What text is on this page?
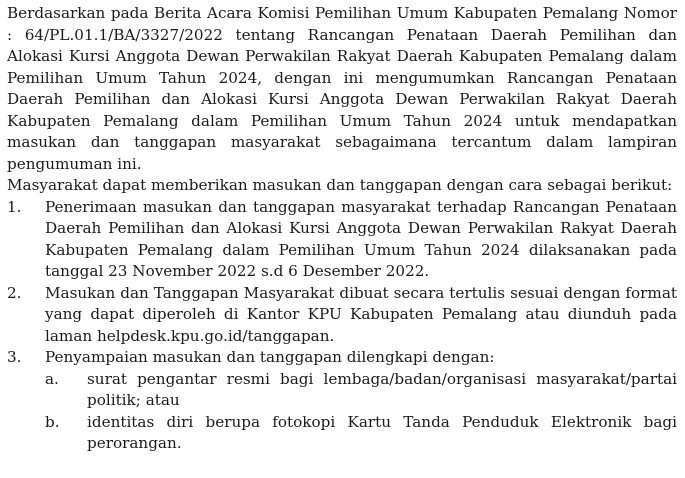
Berdasarkan pada Berita Acara Komisi Pemilihan Umum Kabupaten Pemalang Nomor : 64/PL.01.1/BA/3327/2022 tentang Rancangan Penataan Daerah Pemilihan dan Alokasi Kursi Anggota Dewan Perwakilan Rakyat Daerah Kabupaten Pemalang dalam Pemilihan Umum Tahun 2024, dengan ini mengumumkan Rancangan Penataan Daerah Pemilihan dan Alokasi Kursi Anggota Dewan Perwakilan Rakyat Daerah Kabupaten Pemalang dalam Pemilihan Umum Tahun 2024 untuk mendapatkan masukan dan tanggapan masyarakat sebagaimana tercantum dalam lampiran pengumuman ini.

Masyarakat dapat memberikan masukan dan tanggapan dengan cara sebagai berikut:

1.	Penerimaan masukan dan tanggapan masyarakat terhadap Rancangan Penataan Daerah Pemilihan dan Alokasi Kursi Anggota Dewan Perwakilan Rakyat Daerah Kabupaten Pemalang dalam Pemilihan Umum Tahun 2024 dilaksanakan pada tanggal 23 November 2022 s.d 6 Desember 2022.
2.	Masukan dan Tanggapan Masyarakat dibuat secara tertulis sesuai dengan format yang dapat diperoleh di Kantor KPU Kabupaten Pemalang atau diunduh pada laman helpdesk.kpu.go.id/tanggapan.
3.	Penyampaian masukan dan tanggapan dilengkapi dengan:
a.	surat pengantar resmi bagi lembaga/badan/organisasi masyarakat/partai politik; atau
b.	identitas diri berupa fotokopi Kartu Tanda Penduduk Elektronik bagi perorangan.
